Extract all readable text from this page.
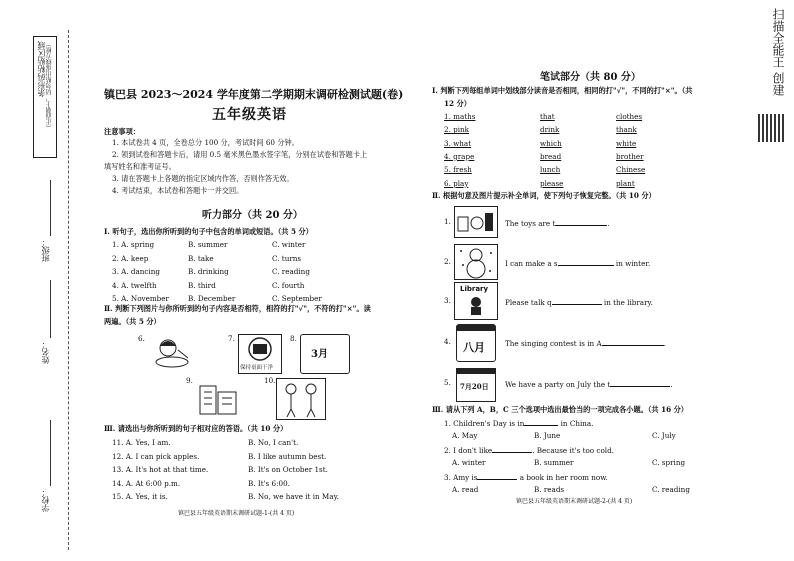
条形码粘贴区域 （正面朝上，切勿贴出虚线方框）
班级：
姓名：
学校：
镇巴县 2023～2024 学年度第二学期期末调研检测试题(卷)
五年级英语
注意事项：
1. 本试卷共 4 页，全卷总分 100 分，考试时间 60 分钟。
2. 领到试卷和答题卡后，请用 0.5 毫米黑色墨水签字笔，分别在试卷和答题卡上
填写姓名和准考证号。
3. 请在答题卡上各题的指定区域内作答，否则作答无效。
4. 考试结束，本试卷和答题卡一并交回。
听力部分（共 20 分）
Ⅰ. 听句子，选出你所听到的句子中包含的单词或短语。（共 5 分）
1. A. spring	B. summer	C. winter
2. A. keep	B. take	C. turns
3. A. dancing	B. drinking	C. reading
4. A. twelfth	B. third	C. fourth
5. A. November	B. December	C. September
Ⅱ. 判断下列图片与你所听到的句子内容是否相符，相符的打"√"，不符的打"×"。读
两遍。（共 5 分）
6.	7.
保持桌面干净
8.
3月
9.	10.
Ⅲ. 请选出与你所听到的句子相对应的答语。（共 10 分）
11. A. Yes, I am.	B. No, I can't.
12. A. I can pick apples.	B. I like autumn best.
13. A. It's hot at that time.	B. It's on October 1st.
14. A. At 6:00 p.m.	B. It's 6:00.
15. A. Yes, it is.	B. No, we have it in May.
镇巴县五年级英语期末调研试题-1-(共 4 页)
笔试部分（共 80 分）
Ⅰ. 判断下列每组单词中划线部分读音是否相同，相同的打"√"，不同的打"×"。（共
12 分）
1. maths	that	clothes
2. pink	drink	thank
3. what	which	white
4. grape	bread	brother
5. fresh	lunch	Chinese
6. play	please	plant
Ⅱ. 根据句意及图片提示补全单词，使下列句子恢复完整。（共 10 分）
1.	The toys are t	.
2.	I can make a s	in winter.
3.	Please talk q	in the library.
4.	The singing contest is in A	.
5.	We have a party on July the t	.
Library
八月
7月20日
Ⅲ. 请从下列 A，B，C 三个选项中选出最恰当的一项完成各小题。（共 16 分）
1. Children's Day is in	in China.
A. May	B. June	C. July
2. I don't like	. Because it's too cold.
A. winter	B. summer	C. spring
3. Amy is	a book in her room now.
A. read	B. reads	C. reading
镇巴县五年级英语期末调研试题-2-(共 4 页)
扫描全能王 创建
